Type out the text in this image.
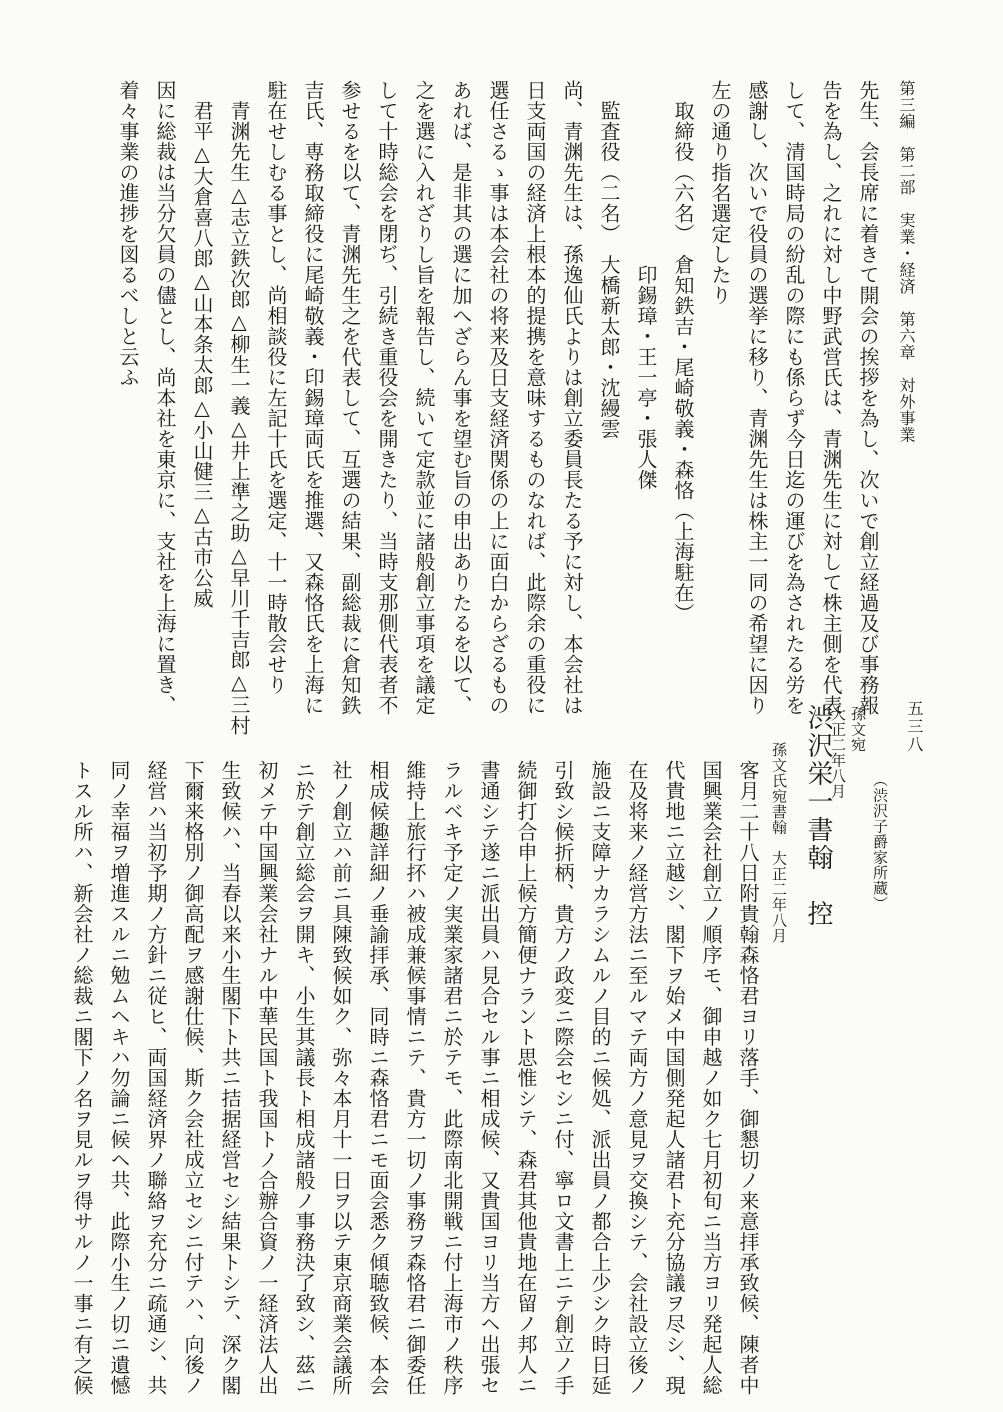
第三編　第二部　実業・経済　第六章　対外事業
先生、会長席に着きて開会の挨拶を為し、次いで創立経過及び事務報
告を為し、之れに対し中野武営氏は、青渊先生に対して株主側を代表
して、清国時局の紛乱の際にも係らず今日迄の運びを為されたる労を
感謝し、次いで役員の選挙に移り、青渊先生は株主一同の希望に因り
左の通り指名選定したり
　取締役（六名）　倉知鉄吉・尾崎敬義・森恪（上海駐在）
　　　　　　　　　印錫璋・王一亭・張人傑
　監査役（二名）　大橋新太郎・沈縵雲
尚、青渊先生は、孫逸仙氏よりは創立委員長たる予に対し、本会社は
日支両国の経済上根本的提携を意味するものなれば、此際余の重役に
選任さるゝ事は本会社の将来及日支経済関係の上に面白からざるもの
あれば、是非其の選に加へざらん事を望む旨の申出ありたるを以て、
之を選に入れざりし旨を報告し、続いて定款並に諸般創立事項を議定
して十時総会を閉ぢ、引続き重役会を開きたり、当時支那側代表者不
参せるを以て、青渊先生之を代表して、互選の結果、副総裁に倉知鉄
吉氏、専務取締役に尾崎敬義・印錫璋両氏を推選、又森恪氏を上海に
駐在せしむる事とし、尚相談役に左記十氏を選定、十一時散会せり
　青渊先生△志立鉄次郎△柳生一義△井上準之助△早川千吉郎△三村
　君平△大倉喜八郎△山本条太郎△小山健三△古市公威
因に総裁は当分欠員の儘とし、尚本社を東京に、支社を上海に置き、
着々事業の進捗を図るべしと云ふ
五三八
（渋沢子爵家所蔵）
孫文宛
大正二年八月
渋沢栄一書翰　控
孫文氏宛書翰　大正二年八月
客月二十八日附貴翰森恪君ヨリ落手、御懇切ノ来意拝承致候、陳者中
国興業会社創立ノ順序モ、御申越ノ如ク七月初旬ニ当方ヨリ発起人総
代貴地ニ立越シ、閣下ヲ始メ中国側発起人諸君ト充分協議ヲ尽シ、現
在及将来ノ経営方法ニ至ルマテ両方ノ意見ヲ交換シテ、会社設立後ノ
施設ニ支障ナカラシムルノ目的ニ候処、派出員ノ都合上少シク時日延
引致シ候折柄、貴方ノ政変ニ際会セシニ付、寧ロ文書上ニテ創立ノ手
続御打合申上候方簡便ナラント思惟シテ、森君其他貴地在留ノ邦人ニ
書通シテ遂ニ派出員ハ見合セル事ニ相成候、又貴国ヨリ当方ヘ出張セ
ラルベキ予定ノ実業家諸君ニ於テモ、此際南北開戦ニ付上海市ノ秩序
維持上旅行抔ハ被成兼候事情ニテ、貴方一切ノ事務ヲ森恪君ニ御委任
相成候趣詳細ノ垂諭拝承、同時ニ森恪君ニモ面会悉ク傾聴致候、本会
社ノ創立ハ前ニ具陳致候如ク、弥々本月十一日ヲ以テ東京商業会議所
ニ於テ創立総会ヲ開キ、小生其議長ト相成諸般ノ事務決了致シ、茲ニ
初メテ中国興業会社ナル中華民国ト我国トノ合辦合資ノ一経済法人出
生致候ハ、当春以来小生閣下ト共ニ拮据経営セシ結果トシテ、深ク閣
下爾来格別ノ御高配ヲ感謝仕候、斯ク会社成立セシニ付テハ、向後ノ
経営ハ当初予期ノ方針ニ従ヒ、両国経済界ノ聯絡ヲ充分ニ疏通シ、共
同ノ幸福ヲ増進スルニ勉ムヘキハ勿論ニ候ヘ共、此際小生ノ切ニ遺憾
トスル所ハ、新会社ノ総裁ニ閣下ノ名ヲ見ルヲ得サルノ一事ニ有之候
